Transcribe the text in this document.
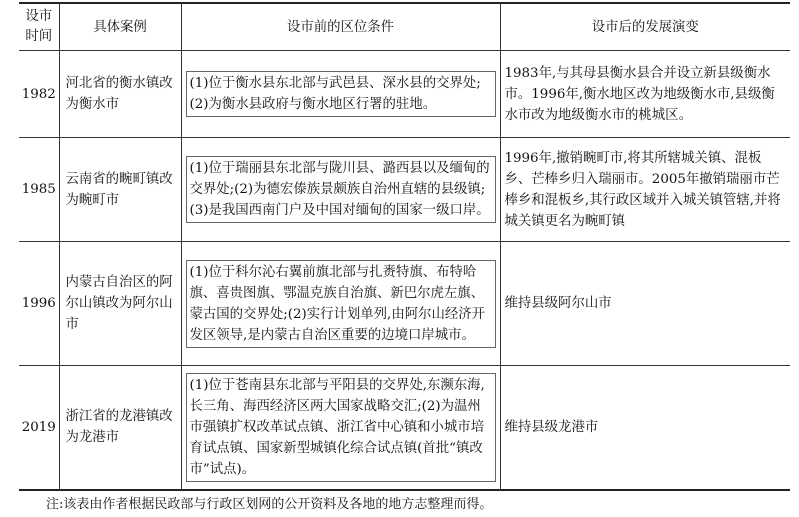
设市
时间	具体案例	设市前的区位条件	设市后的发展演变
1982	河北省的衡水镇改为衡水市	(1)位于衡水县东北部与武邑县、深水县的交界处;(2)为衡水县政府与衡水地区行署的驻地。	1983年,与其母县衡水县合并设立新县级衡水市。1996年,衡水地区改为地级衡水市,县级衡水市改为地级衡水市的桃城区。
1985	云南省的畹町镇改为畹町市	(1)位于瑞丽县东北部与陇川县、潞西县以及缅甸的交界处;(2)为德宏傣族景颇族自治州直辖的县级镇;(3)是我国西南门户及中国对缅甸的国家一级口岸。	1996年,撤销畹町市,将其所辖城关镇、混板乡、芒棒乡归入瑞丽市。2005年撤销瑞丽市芒棒乡和混板乡,其行政区域并入城关镇管辖,并将城关镇更名为畹町镇
1996	内蒙古自治区的阿尔山镇改为阿尔山市	(1)位于科尔沁右翼前旗北部与扎赉特旗、布特哈旗、喜贵图旗、鄂温克族自治旗、新巴尔虎左旗、蒙古国的交界处;(2)实行计划单列,由阿尔山经济开发区领导,是内蒙古自治区重要的边境口岸城市。	维持县级阿尔山市
2019	浙江省的龙港镇改为龙港市	(1)位于苍南县东北部与平阳县的交界处,东濒东海,长三角、海西经济区两大国家战略交汇;(2)为温州市强镇扩权改革试点镇、浙江省中心镇和小城市培育试点镇、国家新型城镇化综合试点镇(首批“镇改市”试点)。	维持县级龙港市
注:该表由作者根据民政部与行政区划网的公开资料及各地的地方志整理而得。
